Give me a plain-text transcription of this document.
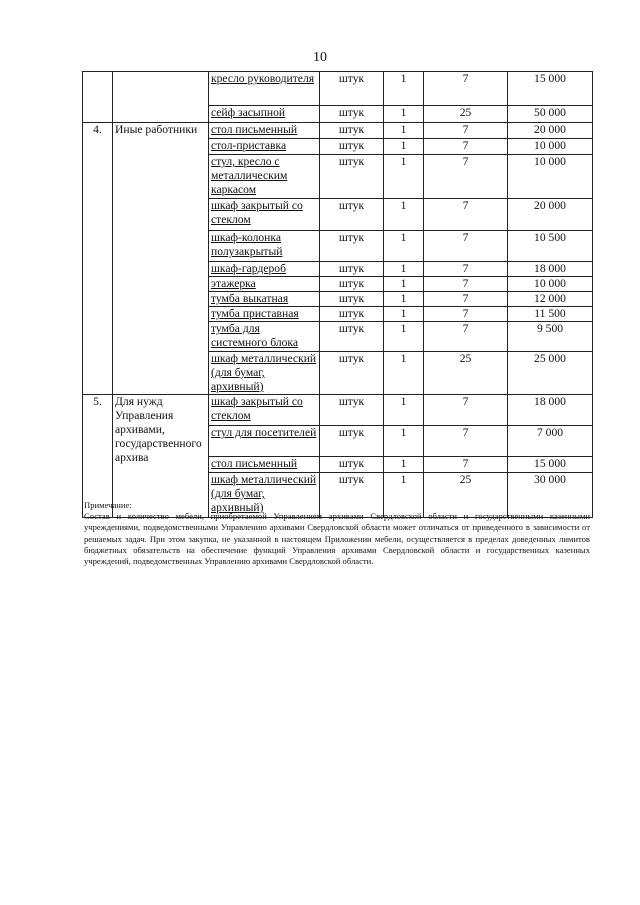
10
		кресло руководителя	штук	1	7	15 000
		сейф засыпной	штук	1	25	50 000
4.	Иные работники	стол письменный	штук	1	7	20 000
		стол-приставка	штук	1	7	10 000
		стул, кресло с металлическим каркасом	штук	1	7	10 000
		шкаф закрытый со стеклом	штук	1	7	20 000
		шкаф-колонка полузакрытый	штук	1	7	10 500
		шкаф-гардероб	штук	1	7	18 000
		этажерка	штук	1	7	10 000
		тумба выкатная	штук	1	7	12 000
		тумба приставная	штук	1	7	11 500
		тумба для системного блока	штук	1	7	9 500
		шкаф металлический (для бумаг, архивный)	штук	1	25	25 000
5.	Для нужд Управления архивами, государственного архива	шкаф закрытый со стеклом	штук	1	7	18 000
		стул для посетителей	штук	1	7	7 000
		стол письменный	штук	1	7	15 000
		шкаф металлический (для бумаг, архивный)	штук	1	25	30 000

Примечание:

Состав и количество мебели, приобретаемой Управлением архивами Свердловской области и государственными казенными учреждениями, подведомственными Управлению архивами Свердловской области может отличаться от приведенного в зависимости от решаемых задач. При этом закупка, не указанной в настоящем Приложении мебели, осуществляется в пределах доведенных лимитов бюджетных обязательств на обеспечение функций Управления архивами Свердловской области и государственных казенных учреждений, подведомственных Управлению архивами Свердловской области.
